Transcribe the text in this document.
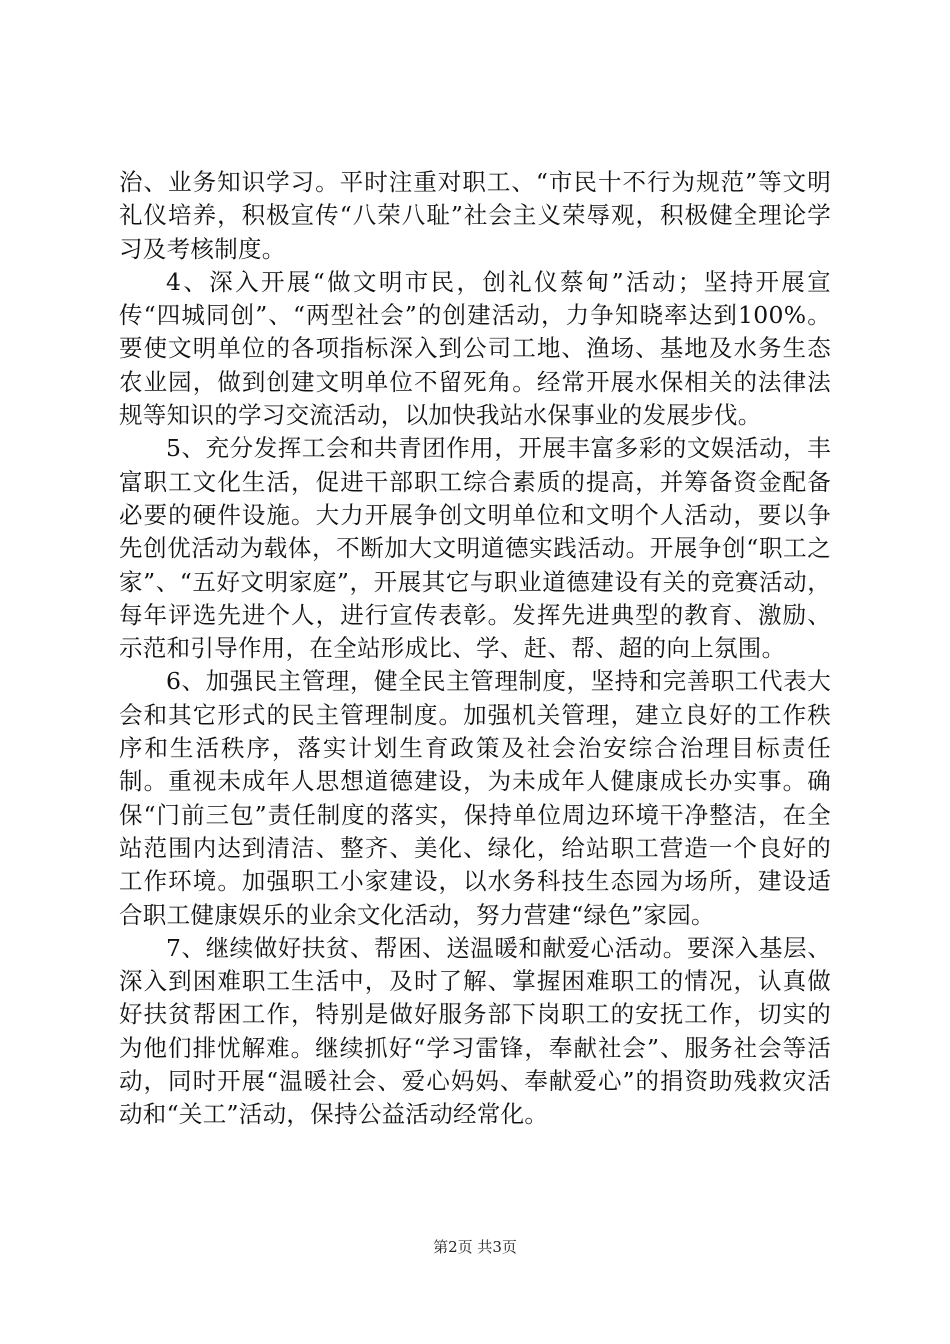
治、业务知识学习。平时注重对职工、“市民十不行为规范”等文明礼仪培养，积极宣传“八荣八耻”社会主义荣辱观，积极健全理论学习及考核制度。

4、深入开展“做文明市民，创礼仪蔡甸”活动；坚持开展宣传“四城同创”、“两型社会”的创建活动，力争知晓率达到100%。要使文明单位的各项指标深入到公司工地、渔场、基地及水务生态农业园，做到创建文明单位不留死角。经常开展水保相关的法律法规等知识的学习交流活动，以加快我站水保事业的发展步伐。

5、充分发挥工会和共青团作用，开展丰富多彩的文娱活动，丰富职工文化生活，促进干部职工综合素质的提高，并筹备资金配备必要的硬件设施。大力开展争创文明单位和文明个人活动，要以争先创优活动为载体，不断加大文明道德实践活动。开展争创“职工之家”、“五好文明家庭”，开展其它与职业道德建设有关的竞赛活动，每年评选先进个人，进行宣传表彰。发挥先进典型的教育、激励、示范和引导作用，在全站形成比、学、赶、帮、超的向上氛围。

6、加强民主管理，健全民主管理制度，坚持和完善职工代表大会和其它形式的民主管理制度。加强机关管理，建立良好的工作秩序和生活秩序，落实计划生育政策及社会治安综合治理目标责任制。重视未成年人思想道德建设，为未成年人健康成长办实事。确保“门前三包”责任制度的落实，保持单位周边环境干净整洁，在全站范围内达到清洁、整齐、美化、绿化，给站职工营造一个良好的工作环境。加强职工小家建设，以水务科技生态园为场所，建设适合职工健康娱乐的业余文化活动，努力营建“绿色”家园。

7、继续做好扶贫、帮困、送温暖和献爱心活动。要深入基层、深入到困难职工生活中，及时了解、掌握困难职工的情况，认真做好扶贫帮困工作，特别是做好服务部下岗职工的安抚工作，切实的为他们排忧解难。继续抓好“学习雷锋，奉献社会”、服务社会等活动，同时开展“温暖社会、爱心妈妈、奉献爱心”的捐资助残救灾活动和“关工”活动，保持公益活动经常化。

第2页 共3页
